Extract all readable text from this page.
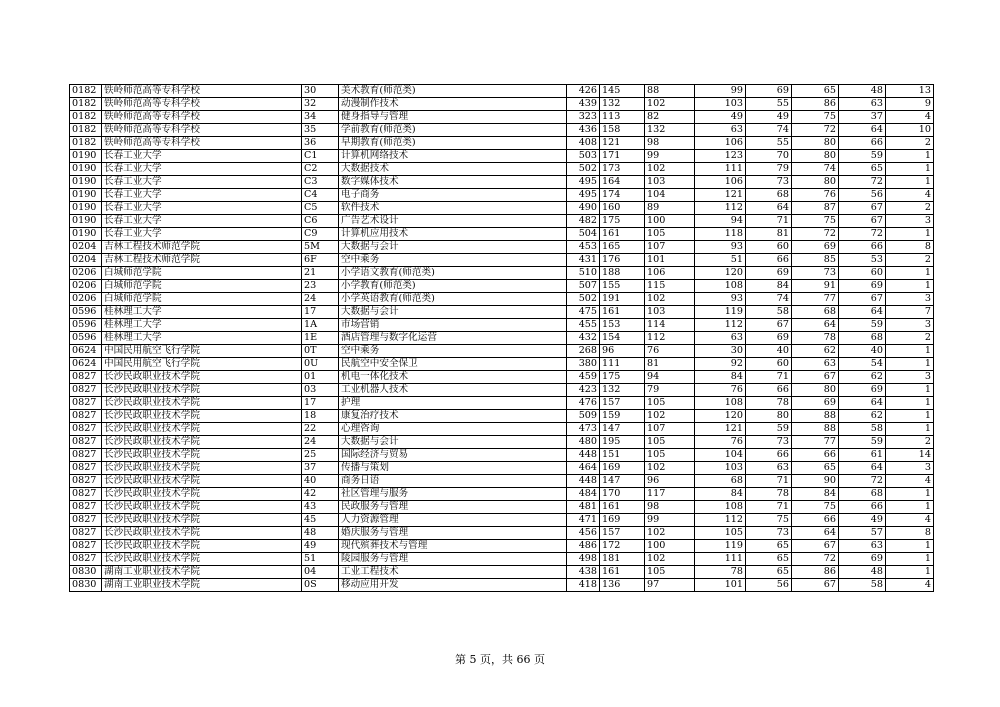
0182	铁岭师范高等专科学校	30	美术教育(师范类)	426	145	88	99	69	65	48	13
0182	铁岭师范高等专科学校	32	动漫制作技术	439	132	102	103	55	86	63	9
0182	铁岭师范高等专科学校	34	健身指导与管理	323	113	82	49	49	75	37	4
0182	铁岭师范高等专科学校	35	学前教育(师范类)	436	158	132	63	74	72	64	10
0182	铁岭师范高等专科学校	36	早期教育(师范类)	408	121	98	106	55	80	66	2
0190	长春工业大学	C1	计算机网络技术	503	171	99	123	70	80	59	1
0190	长春工业大学	C2	大数据技术	502	173	102	111	79	74	65	1
0190	长春工业大学	C3	数字媒体技术	495	164	103	106	73	80	72	1
0190	长春工业大学	C4	电子商务	495	174	104	121	68	76	56	4
0190	长春工业大学	C5	软件技术	490	160	89	112	64	87	67	2
0190	长春工业大学	C6	广告艺术设计	482	175	100	94	71	75	67	3
0190	长春工业大学	C9	计算机应用技术	504	161	105	118	81	72	72	1
0204	吉林工程技术师范学院	5M	大数据与会计	453	165	107	93	60	69	66	8
0204	吉林工程技术师范学院	6F	空中乘务	431	176	101	51	66	85	53	2
0206	白城师范学院	21	小学语文教育(师范类)	510	188	106	120	69	73	60	1
0206	白城师范学院	23	小学教育(师范类)	507	155	115	108	84	91	69	1
0206	白城师范学院	24	小学英语教育(师范类)	502	191	102	93	74	77	67	3
0596	桂林理工大学	17	大数据与会计	475	161	103	119	58	68	64	7
0596	桂林理工大学	1A	市场营销	455	153	114	112	67	64	59	3
0596	桂林理工大学	1E	酒店管理与数字化运营	432	154	112	63	69	78	68	2
0624	中国民用航空飞行学院	0T	空中乘务	268	96	76	30	40	62	40	1
0624	中国民用航空飞行学院	0U	民航空中安全保卫	380	111	81	92	60	63	54	1
0827	长沙民政职业技术学院	01	机电一体化技术	459	175	94	84	71	67	62	3
0827	长沙民政职业技术学院	03	工业机器人技术	423	132	79	76	66	80	69	1
0827	长沙民政职业技术学院	17	护理	476	157	105	108	78	69	64	1
0827	长沙民政职业技术学院	18	康复治疗技术	509	159	102	120	80	88	62	1
0827	长沙民政职业技术学院	22	心理咨询	473	147	107	121	59	88	58	1
0827	长沙民政职业技术学院	24	大数据与会计	480	195	105	76	73	77	59	2
0827	长沙民政职业技术学院	25	国际经济与贸易	448	151	105	104	66	66	61	14
0827	长沙民政职业技术学院	37	传播与策划	464	169	102	103	63	65	64	3
0827	长沙民政职业技术学院	40	商务日语	448	147	96	68	71	90	72	4
0827	长沙民政职业技术学院	42	社区管理与服务	484	170	117	84	78	84	68	1
0827	长沙民政职业技术学院	43	民政服务与管理	481	161	98	108	71	75	66	1
0827	长沙民政职业技术学院	45	人力资源管理	471	169	99	112	75	66	49	4
0827	长沙民政职业技术学院	48	婚庆服务与管理	456	157	102	105	73	64	57	8
0827	长沙民政职业技术学院	49	现代殡葬技术与管理	486	172	100	119	65	67	63	1
0827	长沙民政职业技术学院	51	陵园服务与管理	498	181	102	111	65	72	69	1
0830	湖南工业职业技术学院	04	工业工程技术	438	161	105	78	65	86	48	1
0830	湖南工业职业技术学院	0S	移动应用开发	418	136	97	101	56	67	58	4
第 5 页，共 66 页
